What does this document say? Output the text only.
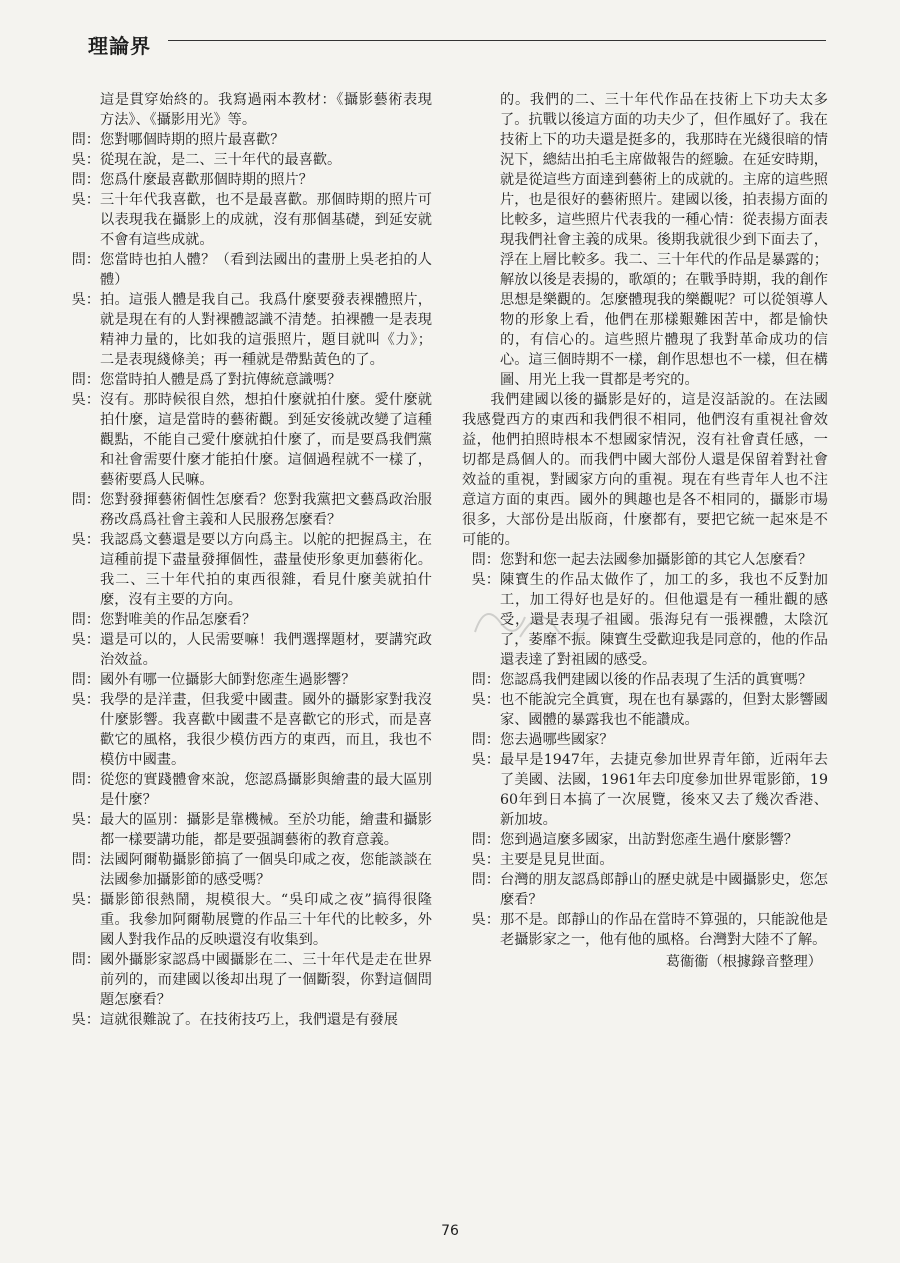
理論界
這是貫穿始終的。我寫過兩本教材：《攝影藝術表現方法》、《攝影用光》等。
問： 您對哪個時期的照片最喜歡？
吳： 從現在說，是二、三十年代的最喜歡。
問： 您爲什麼最喜歡那個時期的照片？
吳： 三十年代我喜歡，也不是最喜歡。那個時期的照片可以表現我在攝影上的成就，沒有那個基礎，到延安就不會有這些成就。
問： 您當時也拍人體？（看到法國出的畫册上吳老拍的人體）
吳： 拍。這張人體是我自己。我爲什麼要發表裸體照片，就是現在有的人對裸體認識不清楚。拍裸體一是表現精神力量的，比如我的這張照片，題目就叫《力》；二是表現綫條美；再一種就是帶點黃色的了。
問： 您當時拍人體是爲了對抗傳統意識嗎？
吳： 沒有。那時候很自然，想拍什麼就拍什麼。愛什麼就拍什麼，這是當時的藝術觀。到延安後就改變了這種觀點，不能自己愛什麼就拍什麼了，而是要爲我們黨和社會需要什麼才能拍什麼。這個過程就不一樣了，藝術要爲人民嘛。
問： 您對發揮藝術個性怎麼看？您對我黨把文藝爲政治服務改爲爲社會主義和人民服務怎麼看？
吳： 我認爲文藝還是要以方向爲主。以舵的把握爲主，在這種前提下盡量發揮個性，盡量使形象更加藝術化。我二、三十年代拍的東西很雜，看見什麼美就拍什麼，沒有主要的方向。
問： 您對唯美的作品怎麼看？
吳： 還是可以的，人民需要嘛！我們選擇題材，要講究政治效益。
問： 國外有哪一位攝影大師對您產生過影響？
吳： 我學的是洋畫，但我愛中國畫。國外的攝影家對我沒什麼影響。我喜歡中國畫不是喜歡它的形式，而是喜歡它的風格，我很少模仿西方的東西，而且，我也不模仿中國畫。
問： 從您的實踐體會來說，您認爲攝影與繪畫的最大區別是什麼？
吳： 最大的區別：攝影是靠機械。至於功能，繪畫和攝影都一樣要講功能，都是要强調藝術的教育意義。
問： 法國阿爾勒攝影節搞了一個吳印咸之夜，您能談談在法國參加攝影節的感受嗎？
吳： 攝影節很熱鬧，規模很大。“吳印咸之夜”搞得很隆重。我參加阿爾勒展覽的作品三十年代的比較多，外國人對我作品的反映還沒有收集到。
問： 國外攝影家認爲中國攝影在二、三十年代是走在世界前列的，而建國以後却出現了一個斷裂，你對這個問題怎麼看？
吳： 這就很難說了。在技術技巧上，我們還是有發展
的。我們的二、三十年代作品在技術上下功夫太多了。抗戰以後這方面的功夫少了，但作風好了。我在技術上下的功夫還是挺多的，我那時在光綫很暗的情況下，總結出拍毛主席做報告的經驗。在延安時期，就是從這些方面達到藝術上的成就的。主席的這些照片，也是很好的藝術照片。建國以後，拍表揚方面的比較多，這些照片代表我的一種心情：從表揚方面表現我們社會主義的成果。後期我就很少到下面去了，浮在上層比較多。我二、三十年代的作品是暴露的；解放以後是表揚的，歌頌的；在戰爭時期，我的創作思想是樂觀的。怎麼體現我的樂觀呢？可以從領導人物的形象上看，他們在那樣艱難困苦中，都是愉快的，有信心的。這些照片體現了我對革命成功的信心。這三個時期不一樣，創作思想也不一樣，但在構圖、用光上我一貫都是考究的。
我們建國以後的攝影是好的，這是沒話說的。在法國我感覺西方的東西和我們很不相同，他們沒有重視社會效益，他們拍照時根本不想國家情況，沒有社會責任感，一切都是爲個人的。而我們中國大部份人還是保留着對社會效益的重視，對國家方向的重視。現在有些青年人也不注意這方面的東西。國外的興趣也是各不相同的，攝影市場很多，大部份是出版商，什麼都有，要把它統一起來是不可能的。
問： 您對和您一起去法國參加攝影節的其它人怎麼看？
吳： 陳寶生的作品太做作了，加工的多，我也不反對加工，加工得好也是好的。但他還是有一種壯觀的感受，還是表現了祖國。張海兒有一張裸體，太陰沉了，萎靡不振。陳寶生受歡迎我是同意的，他的作品還表達了對祖國的感受。
問： 您認爲我們建國以後的作品表現了生活的眞實嗎？
吳： 也不能說完全眞實，現在也有暴露的，但對太影響國家、國體的暴露我也不能讚成。
問： 您去過哪些國家？
吳： 最早是1947年，去捷克參加世界青年節，近兩年去了美國、法國，1961年去印度參加世界電影節，1960年到日本搞了一次展覽，後來又去了幾次香港、新加坡。
問： 您到過這麼多國家，出訪對您產生過什麼影響？
吳： 主要是見見世面。
問： 台灣的朋友認爲郎靜山的歷史就是中國攝影史，您怎麼看？
吳： 那不是。郎靜山的作品在當時不算强的，只能說他是老攝影家之一，他有他的風格。台灣對大陸不了解。
葛衞衞（根據錄音整理）
76
